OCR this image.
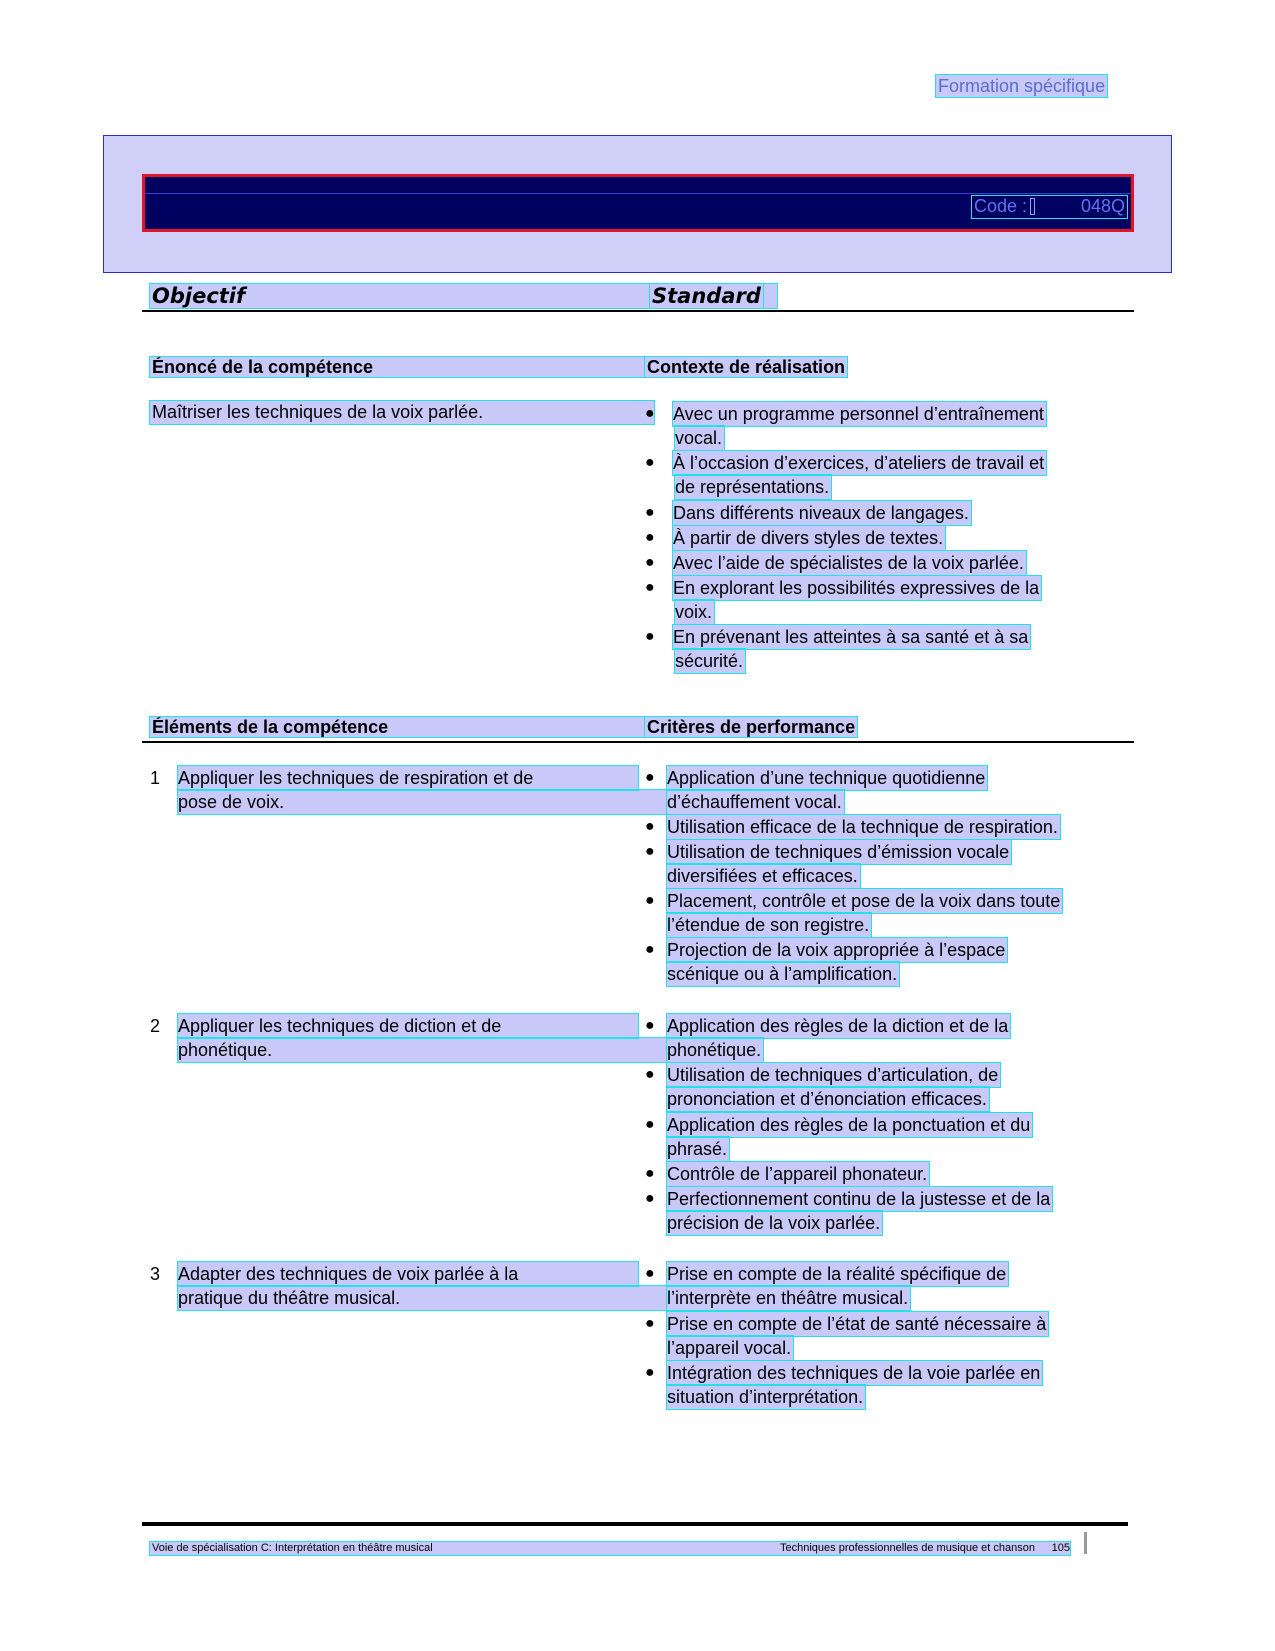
Formation spécifique
Code :	048Q
Objectif	Standard
Énoncé de la compétence	Contexte de réalisation
Maîtriser les techniques de la voix parlée.	●	Avec un programme personnel d’entraînement
vocal.
●	À l’occasion d’exercices, d’ateliers de travail et
de représentations.
●	Dans différents niveaux de langages.
●	À partir de divers styles de textes.
●	Avec l’aide de spécialistes de la voix parlée.
●	En explorant les possibilités expressives de la
voix.
●	En prévenant les atteintes à sa santé et à sa
sécurité.
Éléments de la compétence	Critères de performance
1 Appliquer les techniques de respiration et de
pose de voix.
● Application d’une technique quotidienne
d’échauffement vocal.
● Utilisation efficace de la technique de respiration.
● Utilisation de techniques d’émission vocale
diversifiées et efficaces.
● Placement, contrôle et pose de la voix dans toute
l’étendue de son registre.
● Projection de la voix appropriée à l’espace
scénique ou à l’amplification.
2 Appliquer les techniques de diction et de
phonétique.
● Application des règles de la diction et de la
phonétique.
● Utilisation de techniques d’articulation, de
prononciation et d’énonciation efficaces.
● Application des règles de la ponctuation et du
phrasé.
● Contrôle de l’appareil phonateur.
● Perfectionnement continu de la justesse et de la
précision de la voix parlée.
3 Adapter des techniques de voix parlée à la
pratique du théâtre musical.
● Prise en compte de la réalité spécifique de
l’interprète en théâtre musical.
● Prise en compte de l’état de santé nécessaire à
l’appareil vocal.
● Intégration des techniques de la voie parlée en
situation d’interprétation.
Voie de spécialisation C: Interprétation en théâtre musical	Techniques professionnelles de musique et chanson 105
